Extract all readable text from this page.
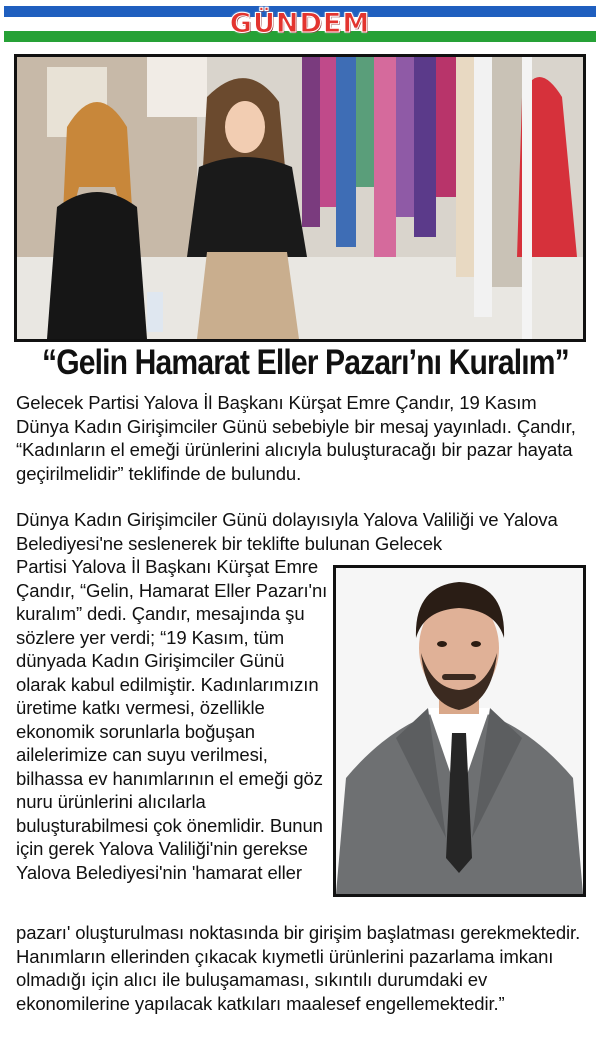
GÜNDEM
“Gelin Hamarat Eller Pazarı’nı Kuralım”
Gelecek Partisi Yalova İl Başkanı Kürşat Emre Çandır, 19 Kasım Dünya Kadın Girişimciler Günü sebebiyle bir mesaj yayınladı. Çandır, “Kadınların el emeği ürünlerini alıcıyla buluşturacağı bir pazar hayata geçirilmelidir” teklifinde de bulundu.
Dünya Kadın Girişimciler Günü dolayısıyla Yalova Valiliği ve Yalova Belediyesi'ne seslenerek bir teklifte bulunan Gelecek
Partisi Yalova İl Başkanı Kürşat Emre Çandır, “Gelin, Hamarat Eller Pazarı'nı kuralım” dedi. Çandır, mesajında şu sözlere yer verdi; “19 Kasım, tüm dünyada Kadın Girişimciler Günü olarak kabul edilmiştir. Kadınlarımızın üretime katkı vermesi, özellikle ekonomik sorunlarla boğuşan ailelerimize can suyu verilmesi, bilhassa ev hanımlarının el emeği göz nuru ürünlerini alıcılarla buluşturabilmesi çok önemlidir. Bunun için gerek Yalova Valiliği'nin gerekse Yalova Belediyesi'nin 'hamarat eller
pazarı' oluşturulması noktasında bir girişim başlatması gerekmektedir. Hanımların ellerinden çıkacak kıymetli ürünlerini pazarlama imkanı olmadığı için alıcı ile buluşamaması, sıkıntılı durumdaki ev ekonomilerine yapılacak katkıları maalesef engellemektedir.”
